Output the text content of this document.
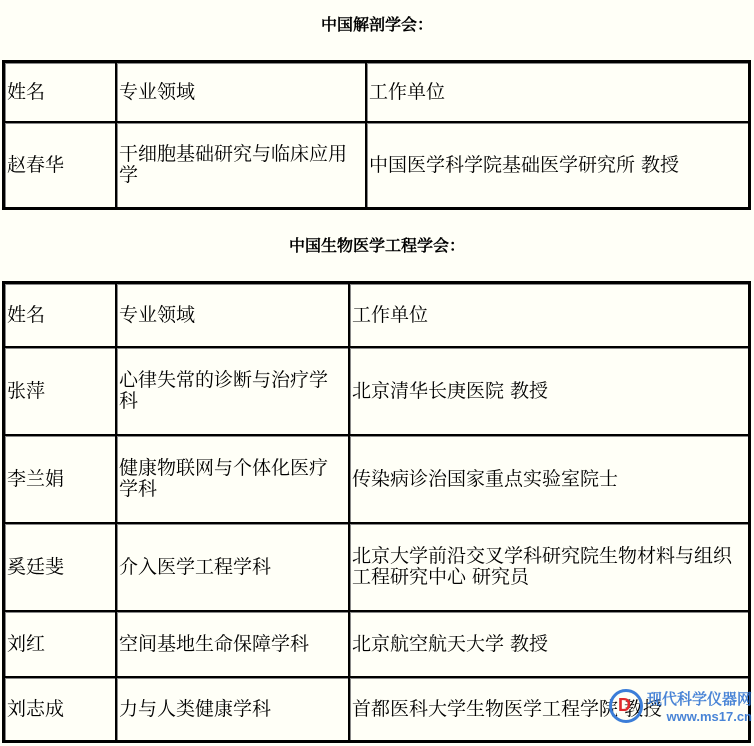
中国解剖学会：
姓名	专业领域	工作单位
赵春华	干细胞基础研究与临床应用学	中国医学科学院基础医学研究所 教授
中国生物医学工程学会：
姓名	专业领域	工作单位
张萍	心律失常的诊断与治疗学科	北京清华长庚医院 教授
李兰娟	健康物联网与个体化医疗学科	传染病诊治国家重点实验室院士
奚廷斐	介入医学工程学科	北京大学前沿交叉学科研究院生物材料与组织工程研究中心 研究员
刘红	空间基地生命保障学科	北京航空航天大学 教授
刘志成	力与人类健康学科	首都医科大学生物医学工程学院 教授
D
现代科学仪器网
www.ms17.cn
